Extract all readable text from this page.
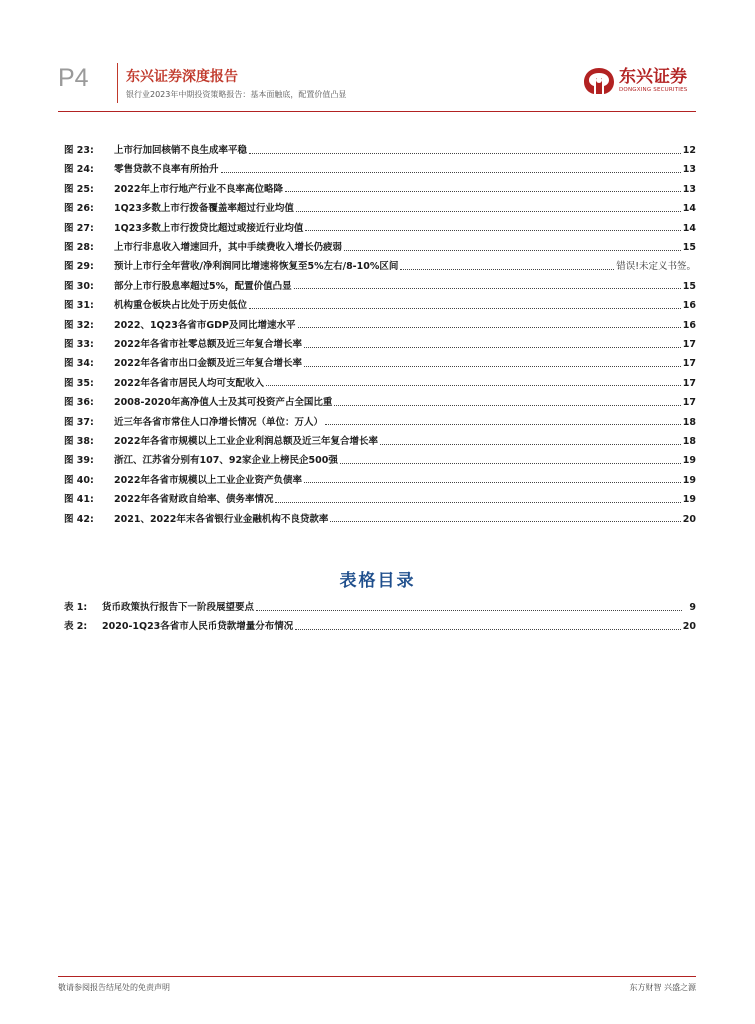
P4	东兴证券深度报告
银行业2023年中期投资策略报告：基本面触底，配置价值凸显
东兴证券
DONGXING SECURITIES
图 23:	上市行加回核销不良生成率平稳	12
图 24:	零售贷款不良率有所抬升	13
图 25:	2022年上市行地产行业不良率高位略降	13
图 26:	1Q23多数上市行拨备覆盖率超过行业均值	14
图 27:	1Q23多数上市行拨贷比超过或接近行业均值	14
图 28:	上市行非息收入增速回升，其中手续费收入增长仍疲弱	15
图 29:	预计上市行全年营收/净利润同比增速将恢复至5%左右/8-10%区间	错误!未定义书签。
图 30:	部分上市行股息率超过5%，配置价值凸显	15
图 31:	机构重仓板块占比处于历史低位	16
图 32:	2022、1Q23各省市GDP及同比增速水平	16
图 33:	2022年各省市社零总额及近三年复合增长率	17
图 34:	2022年各省市出口金额及近三年复合增长率	17
图 35:	2022年各省市居民人均可支配收入	17
图 36:	2008-2020年高净值人士及其可投资产占全国比重	17
图 37:	近三年各省市常住人口净增长情况（单位：万人）	18
图 38:	2022年各省市规模以上工业企业利润总额及近三年复合增长率	18
图 39:	浙江、江苏省分别有107、92家企业上榜民企500强	19
图 40:	2022年各省市规模以上工业企业资产负债率	19
图 41:	2022年各省财政自给率、债务率情况	19
图 42:	2021、2022年末各省银行业金融机构不良贷款率	20
表格目录
表 1:	货币政策执行报告下一阶段展望要点	9
表 2:	2020-1Q23各省市人民币贷款增量分布情况	20
敬请参阅报告结尾处的免责声明	东方财智 兴盛之源
